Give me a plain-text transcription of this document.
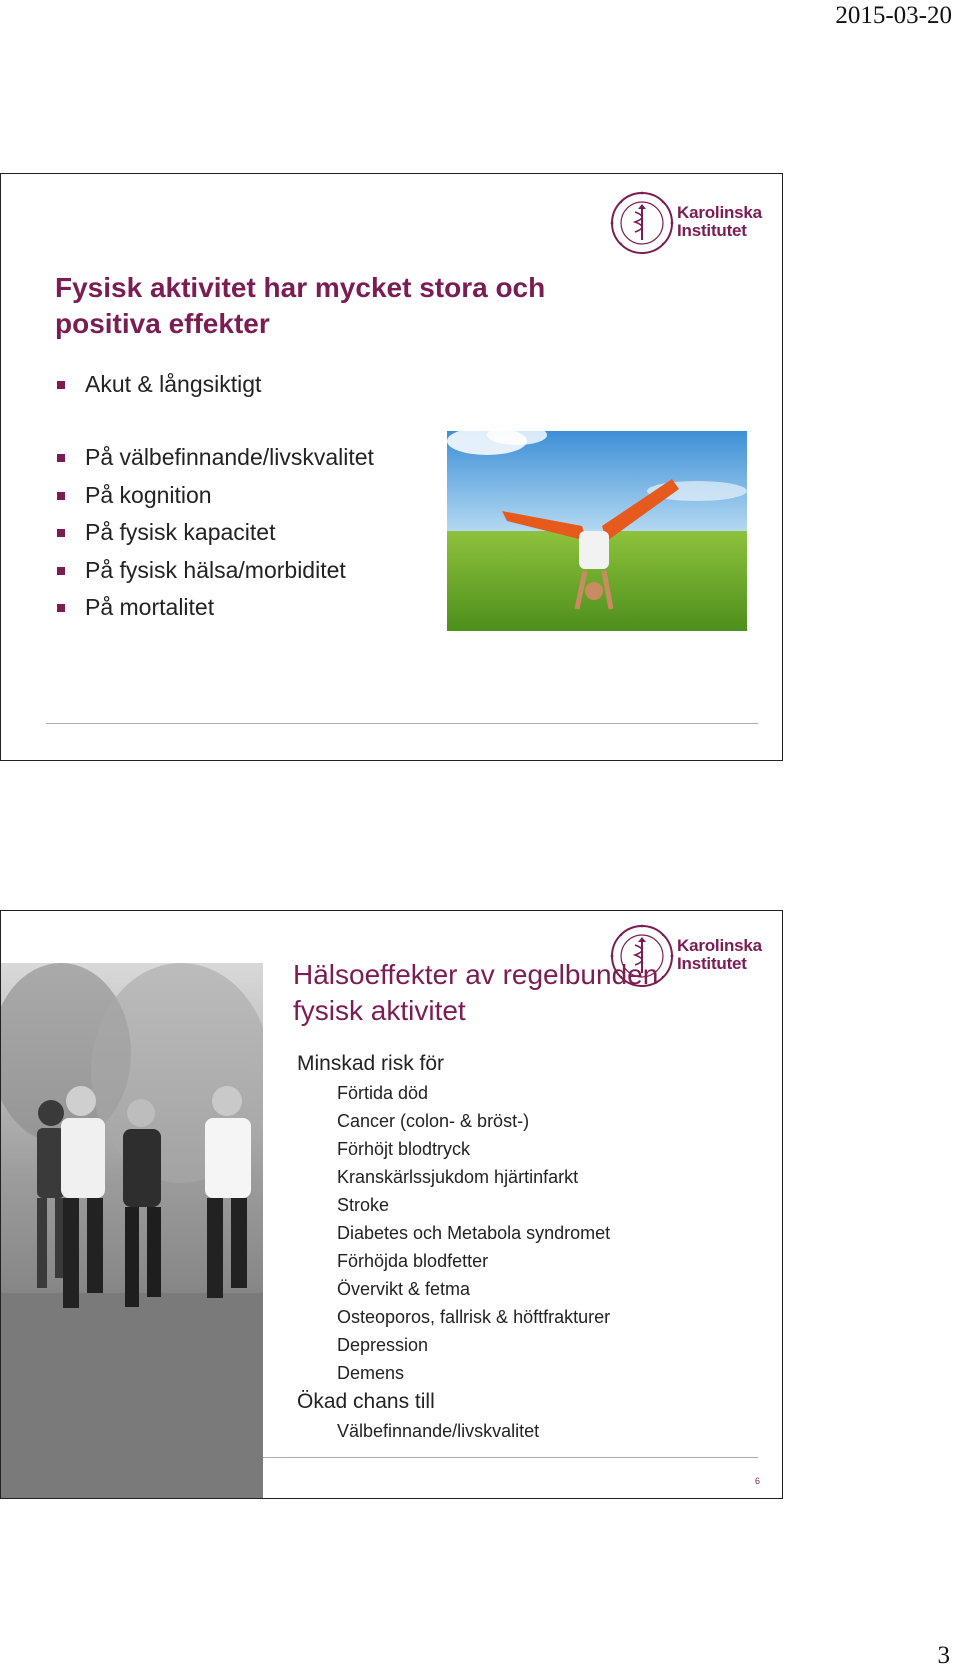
2015-03-20
Karolinska
Institutet
Fysisk aktivitet har mycket stora och positiva effekter
Akut & långsiktigt
På välbefinnande/livskvalitet
På kognition
På fysisk kapacitet
På fysisk hälsa/morbiditet
På mortalitet
Karolinska
Institutet
Hälsoeffekter av regelbunden fysisk aktivitet
Minskad risk för
Förtida död
Cancer (colon- & bröst-)
Förhöjt blodtryck
Kranskärlssjukdom hjärtinfarkt
Stroke
Diabetes och Metabola syndromet
Förhöjda blodfetter
Övervikt & fetma
Osteoporos, fallrisk & höftfrakturer
Depression
Demens
Ökad chans till
Välbefinnande/livskvalitet
6
3
